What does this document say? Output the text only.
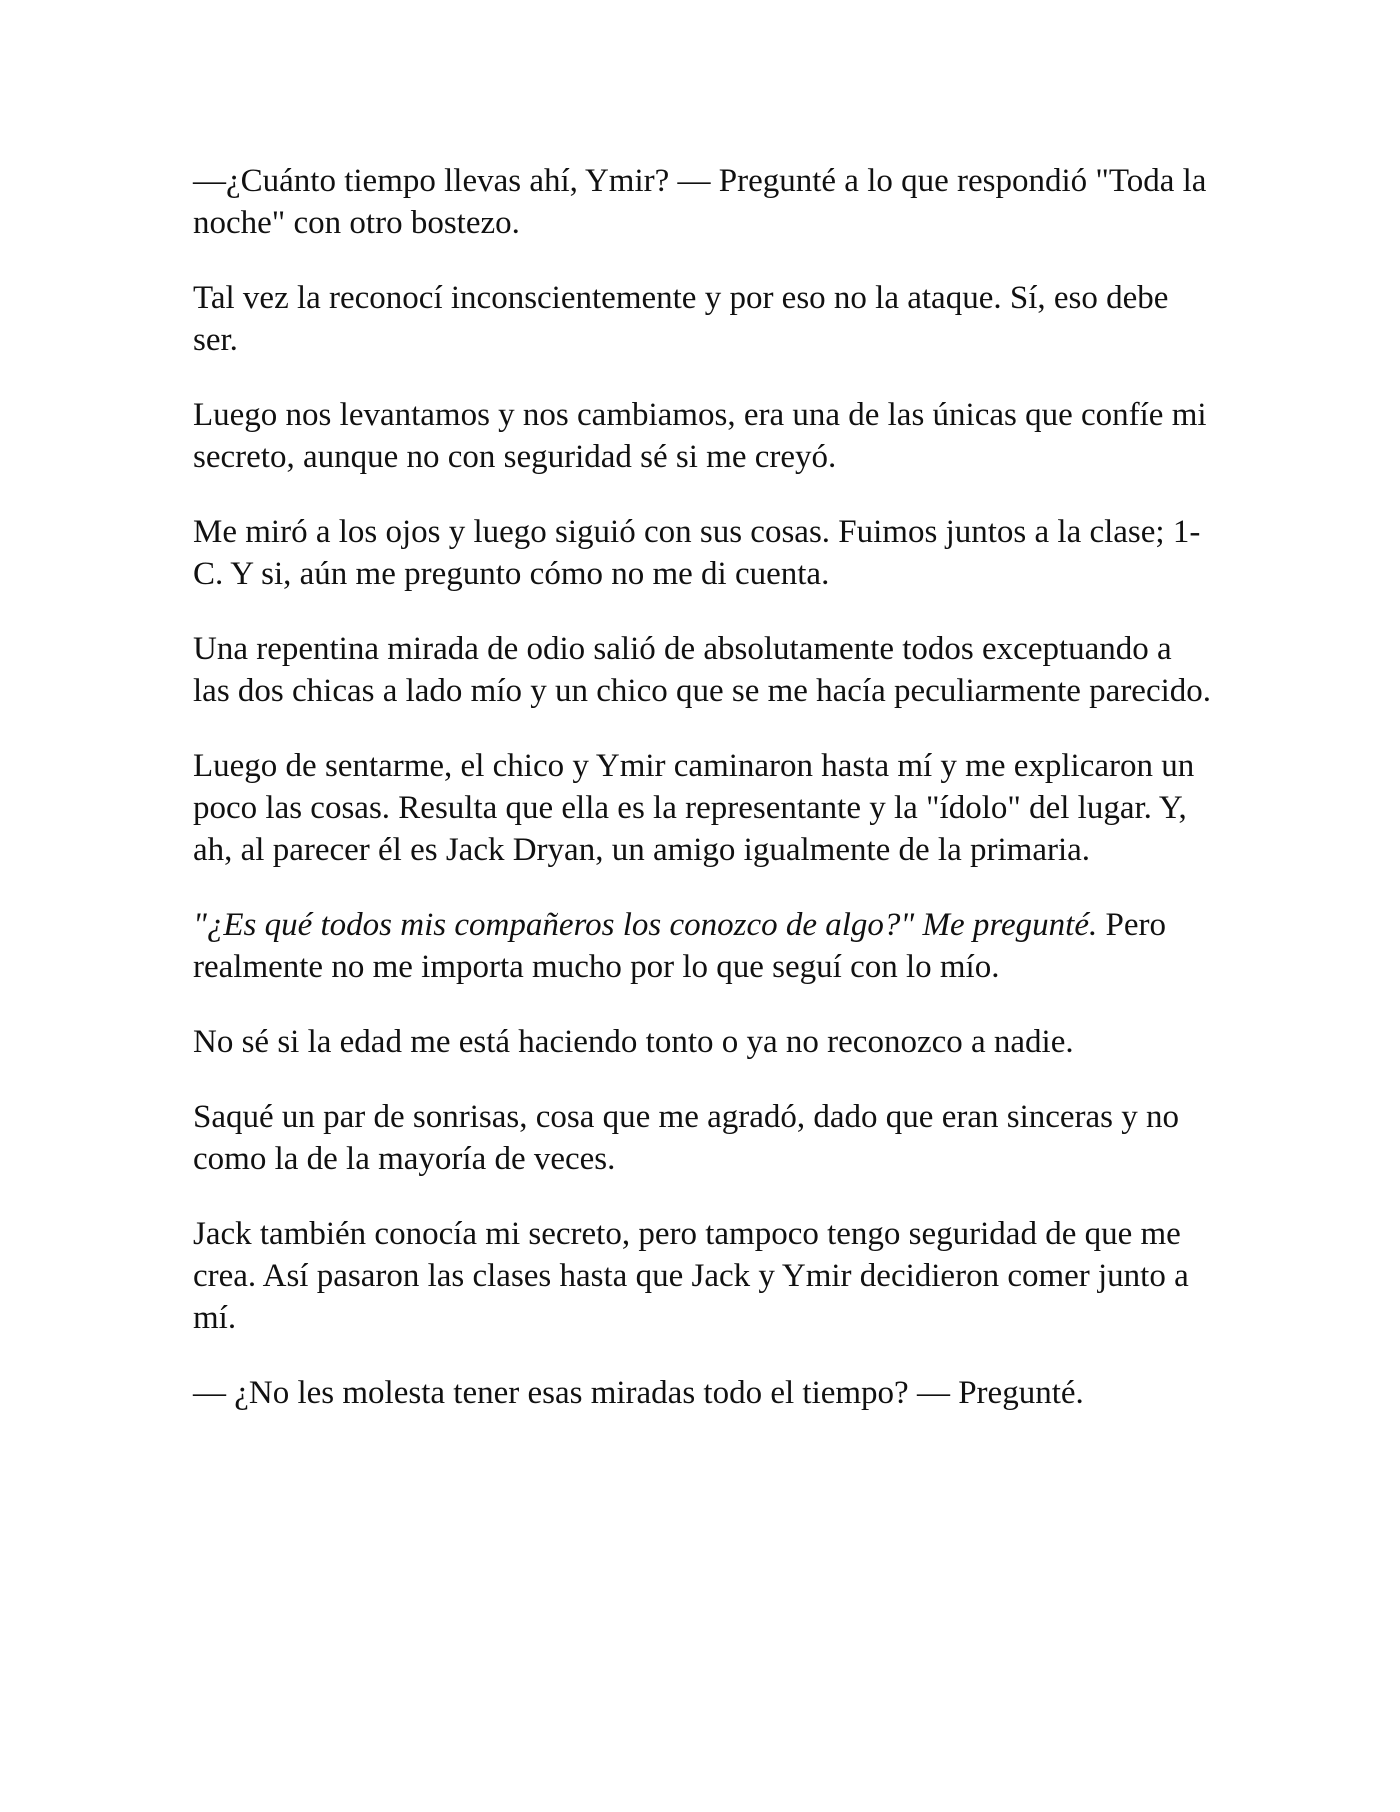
—¿Cuánto tiempo llevas ahí, Ymir? — Pregunté a lo que respondió "Toda la noche" con otro bostezo.

Tal vez la reconocí inconscientemente y por eso no la ataque. Sí, eso debe ser.

Luego nos levantamos y nos cambiamos, era una de las únicas que confíe mi secreto, aunque no con seguridad sé si me creyó.

Me miró a los ojos y luego siguió con sus cosas. Fuimos juntos a la clase; 1-C. Y si, aún me pregunto cómo no me di cuenta.

Una repentina mirada de odio salió de absolutamente todos exceptuando a las dos chicas a lado mío y un chico que se me hacía peculiarmente parecido.

Luego de sentarme, el chico y Ymir caminaron hasta mí y me explicaron un poco las cosas. Resulta que ella es la representante y la "ídolo" del lugar. Y, ah, al parecer él es Jack Dryan, un amigo igualmente de la primaria.

"¿Es qué todos mis compañeros los conozco de algo?" Me pregunté. Pero realmente no me importa mucho por lo que seguí con lo mío.

No sé si la edad me está haciendo tonto o ya no reconozco a nadie.

Saqué un par de sonrisas, cosa que me agradó, dado que eran sinceras y no como la de la mayoría de veces.

Jack también conocía mi secreto, pero tampoco tengo seguridad de que me crea. Así pasaron las clases hasta que Jack y Ymir decidieron comer junto a mí.

— ¿No les molesta tener esas miradas todo el tiempo? — Pregunté.
